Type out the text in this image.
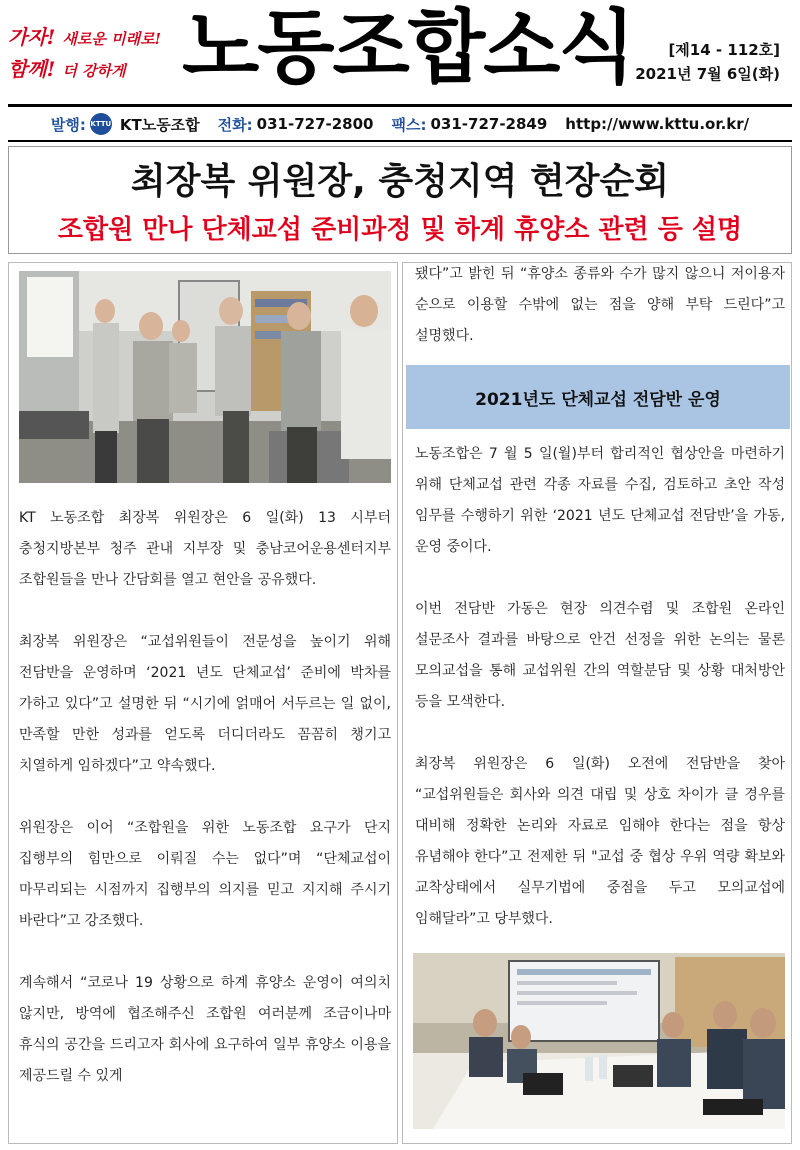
가자! 새로운 미래로!
함께! 더 강하게 노동조합소식	[제14 - 112호]
2021년 7월 6일(화)
발행: KTTU KT노동조합 전화: 031-727-2800 팩스: 031-727-2849 http://www.kttu.or.kr/
최장복 위원장, 충청지역 현장순회
조합원 만나 단체교섭 준비과정 및 하계 휴양소 관련 등 설명

KT 노동조합 최장복 위원장은 6 일(화) 13 시부터 충청지방본부 청주 관내 지부장 및 충남코어운용센터지부 조합원들을 만나 간담회를 열고 현안을 공유했다.

최장복 위원장은 “교섭위원들이 전문성을 높이기 위해 전담반을 운영하며 ‘2021 년도 단체교섭’ 준비에 박차를 가하고 있다”고 설명한 뒤 “시기에 얽매어 서두르는 일 없이, 만족할 만한 성과를 얻도록 더디더라도 꼼꼼히 챙기고 치열하게 임하겠다”고 약속했다.

위원장은 이어 “조합원을 위한 노동조합 요구가 단지 집행부의 힘만으로 이뤄질 수는 없다”며 “단체교섭이 마무리되는 시점까지 집행부의 의지를 믿고 지지해 주시기 바란다”고 강조했다.

계속해서 “코로나 19 상황으로 하계 휴양소 운영이 여의치 않지만, 방역에 협조해주신 조합원 여러분께 조금이나마 휴식의 공간을 드리고자 회사에 요구하여 일부 휴양소 이용을 제공드릴 수 있게

됐다”고 밝힌 뒤 “휴양소 종류와 수가 많지 않으니 저이용자 순으로 이용할 수밖에 없는 점을 양해 부탁 드린다”고 설명했다.

2021년도 단체교섭 전담반 운영

노동조합은 7 월 5 일(월)부터 합리적인 협상안을 마련하기 위해 단체교섭 관련 각종 자료를 수집, 검토하고 초안 작성 임무를 수행하기 위한 ‘2021 년도 단체교섭 전담반’을 가동, 운영 중이다.

이번 전담반 가동은 현장 의견수렴 및 조합원 온라인 설문조사 결과를 바탕으로 안건 선정을 위한 논의는 물론 모의교섭을 통해 교섭위원 간의 역할분담 및 상황 대처방안 등을 모색한다.

최장복 위원장은 6 일(화) 오전에 전담반을 찾아 “교섭위원들은 회사와 의견 대립 및 상호 차이가 클 경우를 대비해 정확한 논리와 자료로 임해야 한다는 점을 항상 유념해야 한다”고 전제한 뒤 "교섭 중 협상 우위 역량 확보와 교착상태에서 실무기법에 중점을 두고 모의교섭에 임해달라”고 당부했다.
